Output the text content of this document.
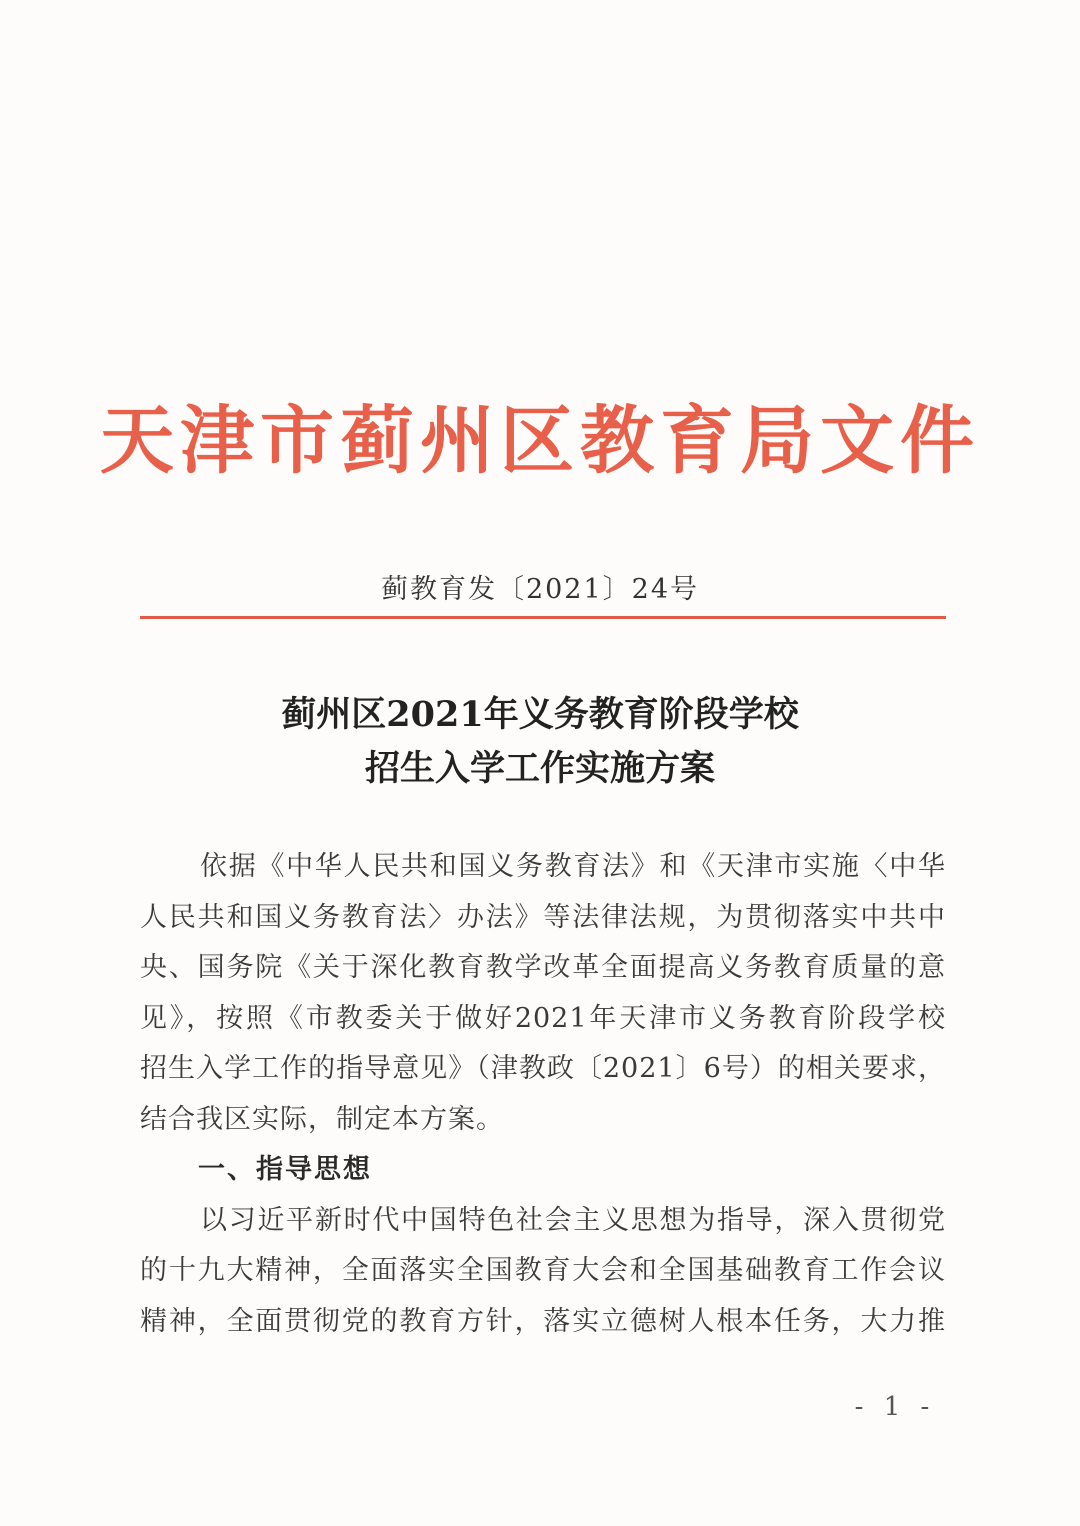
天津市蓟州区教育局文件
蓟教育发〔2021〕24号
蓟州区2021年义务教育阶段学校
招生入学工作实施方案
依据《中华人民共和国义务教育法》和《天津市实施〈中华
人民共和国义务教育法〉办法》等法律法规，为贯彻落实中共中
央、国务院《关于深化教育教学改革全面提高义务教育质量的意
见》，按照《市教委关于做好2021年天津市义务教育阶段学校
招生入学工作的指导意见》（津教政〔2021〕6号）的相关要求，
结合我区实际，制定本方案。
一、指导思想
以习近平新时代中国特色社会主义思想为指导，深入贯彻党
的十九大精神，全面落实全国教育大会和全国基础教育工作会议
精神，全面贯彻党的教育方针，落实立德树人根本任务，大力推
- 1 -
